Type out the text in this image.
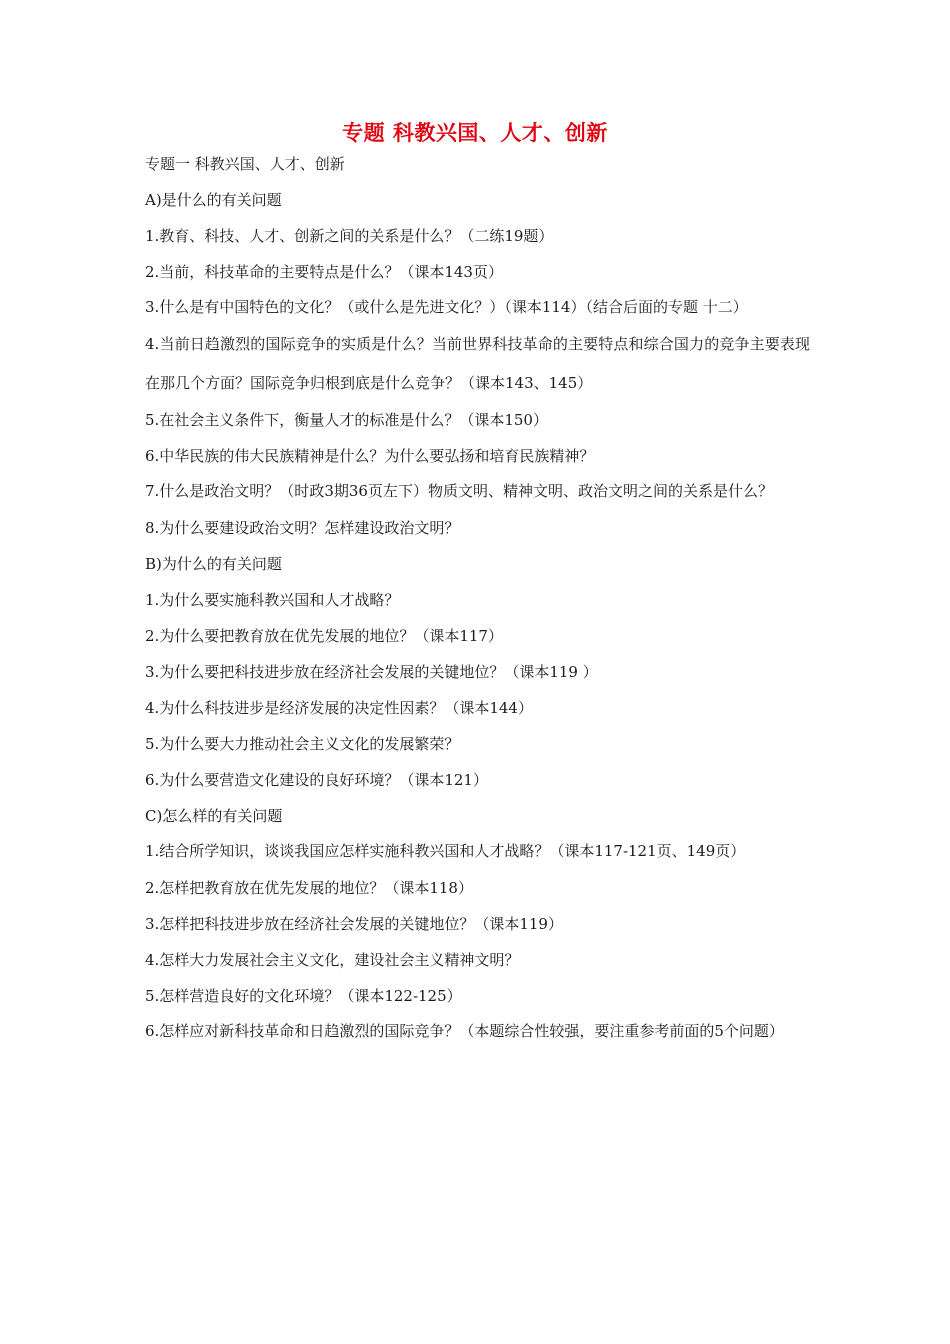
专题 科教兴国、人才、创新
专题一 科教兴国、人才、创新
A)是什么的有关问题
1.教育、科技、人才、创新之间的关系是什么？（二练19题）
2.当前，科技革命的主要特点是什么？（课本143页）
3.什么是有中国特色的文化？（或什么是先进文化？）（课本114）（结合后面的专题 十二）
4.当前日趋激烈的国际竞争的实质是什么？当前世界科技革命的主要特点和综合国力的竞争主要表现在那几个方面？国际竞争归根到底是什么竞争？（课本143、145）
5.在社会主义条件下，衡量人才的标准是什么？（课本150）
6.中华民族的伟大民族精神是什么？为什么要弘扬和培育民族精神？
7.什么是政治文明？（时政3期36页左下）物质文明、精神文明、政治文明之间的关系是什么？
8.为什么要建设政治文明？怎样建设政治文明？
B)为什么的有关问题
1.为什么要实施科教兴国和人才战略？
2.为什么要把教育放在优先发展的地位？（课本117）
3.为什么要把科技进步放在经济社会发展的关键地位？（课本119 ）
4.为什么科技进步是经济发展的决定性因素？（课本144）
5.为什么要大力推动社会主义文化的发展繁荣？
6.为什么要营造文化建设的良好环境？（课本121）
C)怎么样的有关问题
1.结合所学知识，谈谈我国应怎样实施科教兴国和人才战略？（课本117-121页、149页）
2.怎样把教育放在优先发展的地位？（课本118）
3.怎样把科技进步放在经济社会发展的关键地位？（课本119）
4.怎样大力发展社会主义文化，建设社会主义精神文明？
5.怎样营造良好的文化环境？（课本122-125）
6.怎样应对新科技革命和日趋激烈的国际竞争？（本题综合性较强，要注重参考前面的5个问题）
